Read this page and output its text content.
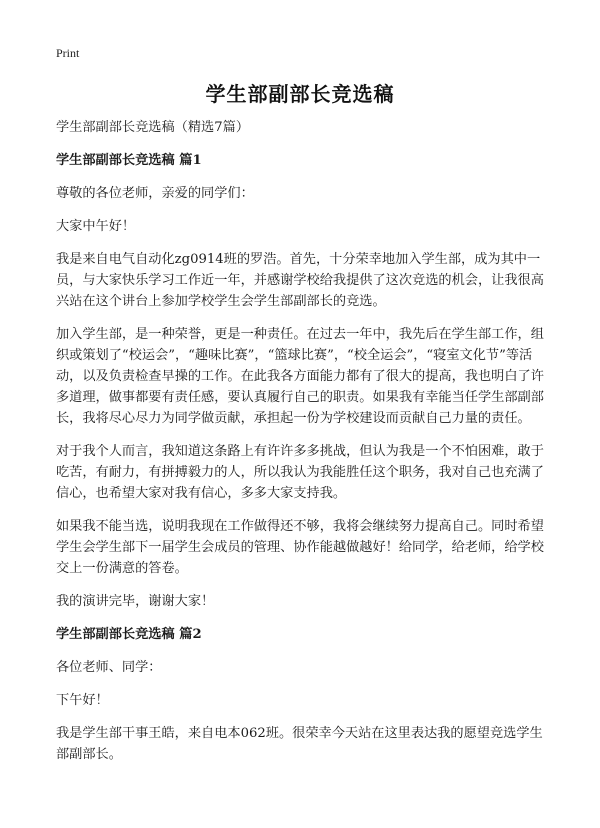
Print
学生部副部长竞选稿

学生部副部长竞选稿（精选7篇）

学生部副部长竞选稿 篇1

尊敬的各位老师，亲爱的同学们：

大家中午好！

我是来自电气自动化zg0914班的罗浩。首先，十分荣幸地加入学生部，成为其中一员，与大家快乐学习工作近一年，并感谢学校给我提供了这次竞选的机会，让我很高兴站在这个讲台上参加学校学生会学生部副部长的竞选。

加入学生部，是一种荣誉，更是一种责任。在过去一年中，我先后在学生部工作，组织或策划了“校运会”，“趣味比赛”，“篮球比赛”，“校全运会”，“寝室文化节”等活动，以及负责检查早操的工作。在此我各方面能力都有了很大的提高，我也明白了许多道理，做事都要有责任感，要认真履行自己的职责。如果我有幸能当任学生部副部长，我将尽心尽力为同学做贡献，承担起一份为学校建设而贡献自己力量的责任。

对于我个人而言，我知道这条路上有许许多多挑战，但认为我是一个不怕困难，敢于吃苦，有耐力，有拼搏毅力的人，所以我认为我能胜任这个职务，我对自己也充满了信心，也希望大家对我有信心，多多大家支持我。

如果我不能当选，说明我现在工作做得还不够，我将会继续努力提高自己。同时希望学生会学生部下一届学生会成员的管理、协作能越做越好！给同学，给老师，给学校交上一份满意的答卷。

我的演讲完毕，谢谢大家！

学生部副部长竞选稿 篇2

各位老师、同学：

下午好！

我是学生部干事王皓，来自电本062班。很荣幸今天站在这里表达我的愿望竞选学生部副部长。
